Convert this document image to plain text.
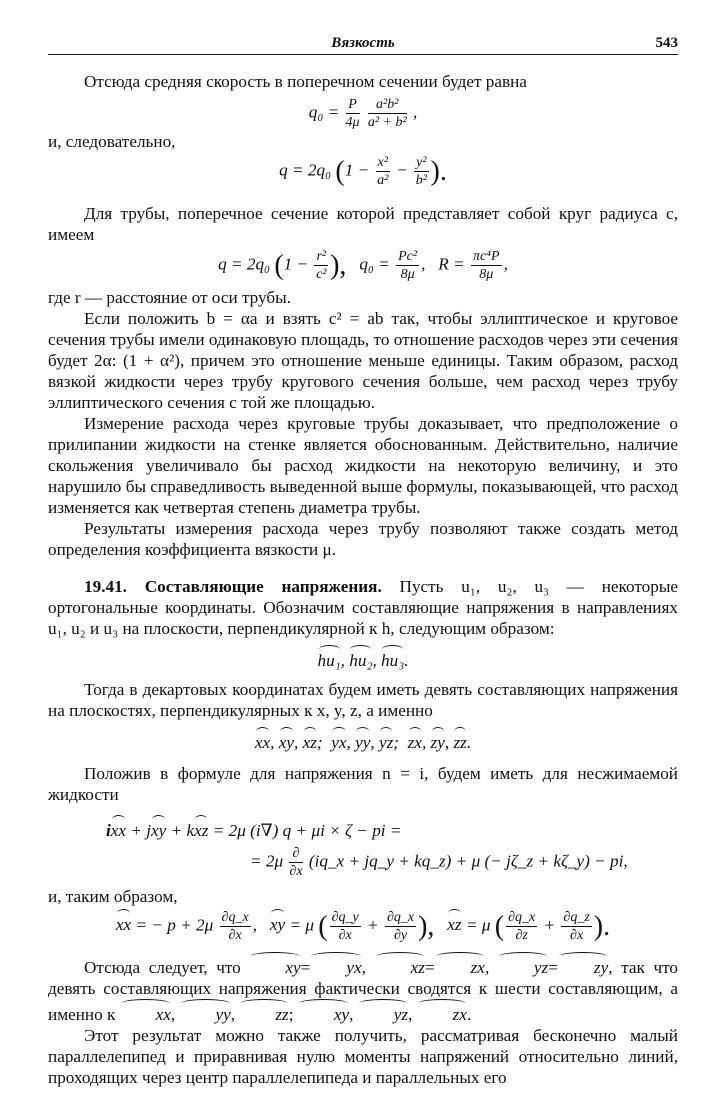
Вязкость	543

Отсюда средняя скорость в поперечном сечении будет равна

$q_0 = \frac{P}{4\mu}$
$\frac{\text{a²b²}}{\text{a² + b²}}$ ,

и, следовательно,

q = 2q₀ ($1 - \frac{\text{x²}}{\text{a²}} - \frac{\text{y²}}{\text{b²}}$ ).

Для трубы, поперечное сечение которой представляет собой круг радиуса c, имеем

q = 2q₀ ($1 - \frac{\text{r²}}{\text{c²}}$ ), $q_0 = \frac{\text{Pc²}}{8\mu}$ , $R = \frac{\text{πc⁴P}}{8\mu}$ ,

где r — расстояние от оси трубы.

Если положить b = αa и взять c² = ab так, чтобы эллиптическое и круговое сечения трубы имели одинаковую площадь, то отношение расходов через эти сечения будет 2α: (1 + α²), причем это отношение меньше единицы. Таким образом, расход вязкой жидкости через трубу кругового сечения больше, чем расход через трубу эллиптического сечения с той же площадью.

Измерение расхода через круговые трубы доказывает, что предположение о прилипании жидкости на стенке является обоснованным. Действительно, наличие скольжения увеличивало бы расход жидкости на некоторую величину, и это нарушило бы справедливость выведенной выше формулы, показывающей, что расход изменяется как четвертая степень диаметра трубы.

Результаты измерения расхода через трубу позволяют также создать метод определения коэффициента вязкости μ.

19.41. Составляющие напряжения. Пусть u₁, u₂, u₃ — некоторые ортогональные координаты. Обозначим составляющие напряжения в направлениях u₁, u₂ и u₃ на плоскости, перпендикулярной к h, следующим образом:

hu₁, hu₂, hu₃.

Тогда в декартовых координатах будем иметь девять составляющих напряжения на плоскостях, перпендикулярных к x, y, z, а именно

xx, xy, xz; yx, yy, yz; zx, zy, zz.

Положив в формуле для напряжения n = i, будем иметь для несжимаемой жидкости

ixx + jxy + kxz = 2μ (i∇) q + μi × ζ − pi =
= $2\mu \frac{\partial}{\partial x}$ (iq_x + jq_y + kq_z) + μ (− jζ_z + kζ_y) − pi,

и, таким образом,

xx = − $p + 2\mu \frac{\partial q\_x}{\partial x}$ , xy = μ ( $\frac{\partial q\_y}{\partial x} + \frac{\partial q\_x}{\partial y}$ ), xz = μ ( $\frac{\partial q\_x}{\partial z} + \frac{\partial q\_z}{\partial x}$ ).

Отсюда следует, что	xy= yx,	xz= zx,	yz= zy, так что девять составляющих напряжения фактически сводятся к шести составляющим, а именно к xx, yy, zz; xy, yz, zx.

Этот результат можно также получить, рассматривая бесконечно малый параллелепипед и приравнивая нулю моменты напряжений относительно линий, проходящих через центр параллелепипеда и параллельных его
